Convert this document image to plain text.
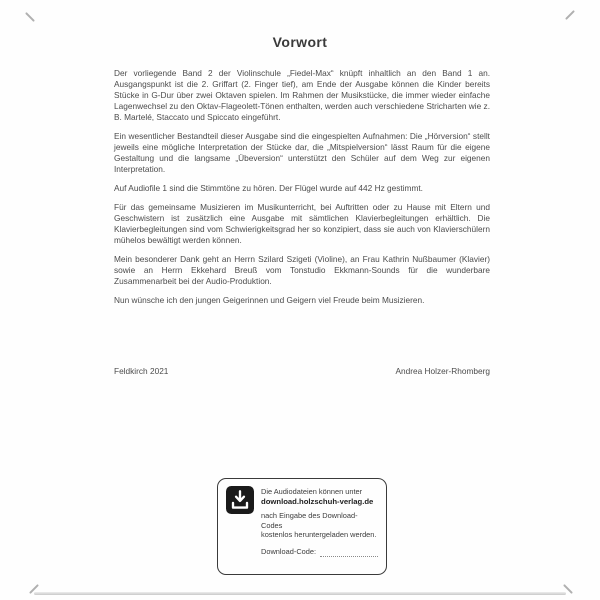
Vorwort

Der vorliegende Band 2 der Violinschule „Fiedel-Max“ knüpft inhaltlich an den Band 1 an. Ausgangspunkt ist die 2. Griffart (2. Finger tief), am Ende der Ausgabe können die Kinder bereits Stücke in G-Dur über zwei Oktaven spielen. Im Rahmen der Musikstücke, die immer wieder einfache Lagenwechsel zu den Oktav-Flageolett-Tönen enthalten, werden auch verschiedene Stricharten wie z. B. Martelé, Staccato und Spiccato eingeführt.

Ein wesentlicher Bestandteil dieser Ausgabe sind die eingespielten Aufnahmen: Die „Hörversion“ stellt jeweils eine mögliche Interpretation der Stücke dar, die „Mitspielversion“ lässt Raum für die eigene Gestaltung und die langsame „Übeversion“ unterstützt den Schüler auf dem Weg zur eigenen Interpretation.

Auf Audiofile 1 sind die Stimmtöne zu hören. Der Flügel wurde auf 442 Hz gestimmt.

Für das gemeinsame Musizieren im Musikunterricht, bei Auftritten oder zu Hause mit Eltern und Geschwistern ist zusätzlich eine Ausgabe mit sämtlichen Klavierbegleitungen erhältlich. Die Klavierbegleitungen sind vom Schwierigkeitsgrad her so konzipiert, dass sie auch von Klavierschülern mühelos bewältigt werden können.

Mein besonderer Dank geht an Herrn Szilard Szigeti (Violine), an Frau Kathrin Nußbaumer (Klavier) sowie an Herrn Ekkehard Breuß vom Tonstudio Ekkmann-Sounds für die wunderbare Zusammenarbeit bei der Audio-Produktion.

Nun wünsche ich den jungen Geigerinnen und Geigern viel Freude beim Musizieren.

Feldkirch 2021	Andrea Holzer-Rhomberg
Die Audiodateien können unter
download.holzschuh-verlag.de
nach Eingabe des Download-Codes
kostenlos heruntergeladen werden.
Download-Code:
